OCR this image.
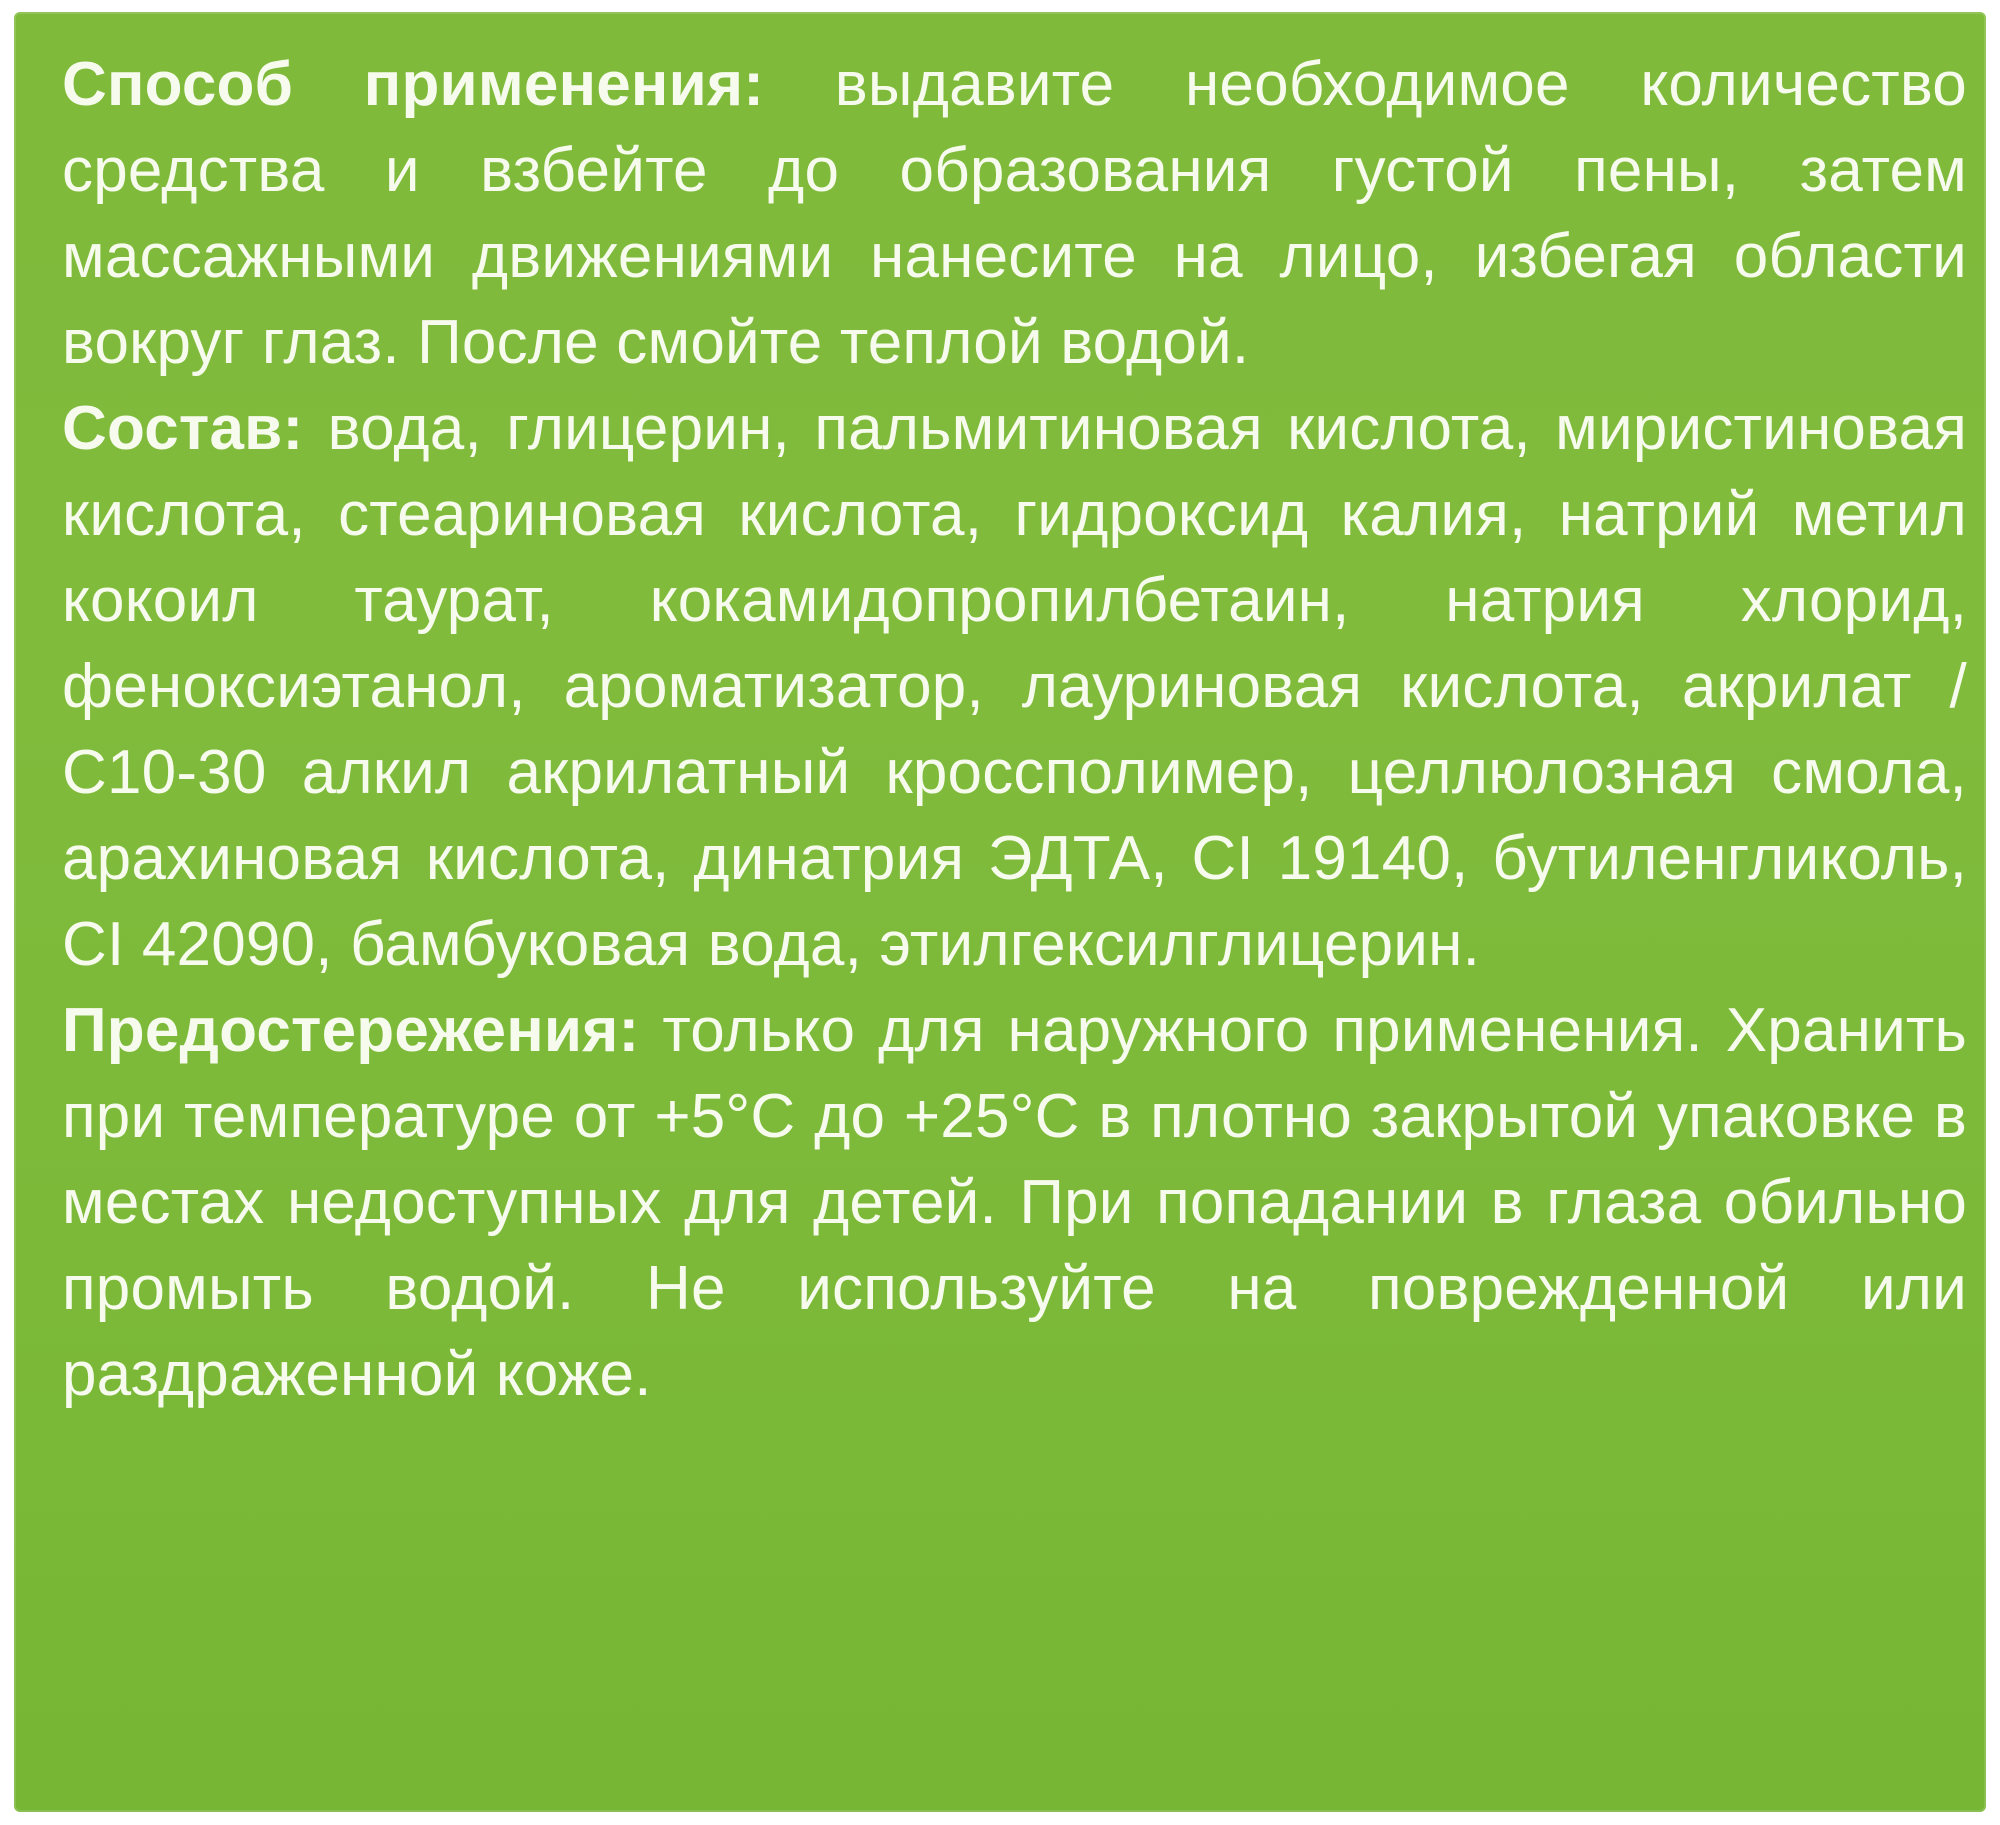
Способ применения: выдавите необходимое количество средства и взбейте до образования густой пены, затем массажными движениями нанесите на лицо, избегая области вокруг глаз. После смойте теплой водой.

Состав: вода, глицерин, пальмитиновая кислота, миристиновая кислота, стеариновая кислота, гидроксид калия, натрий метил кокоил таурат, кокамидопропилбетаин, натрия хлорид, феноксиэтанол, ароматизатор, лауриновая кислота, акрилат / С10-30 алкил акрилатный кроссполимер, целлюлозная смола, арахиновая кислота, динатрия ЭДТА, CI 19140, бутиленгликоль, CI 42090, бамбуковая вода, этилгексилглицерин.

Предостережения: только для наружного применения. Хранить при температуре от +5°С до +25°С в плотно закрытой упаковке в местах недоступных для детей. При попадании в глаза обильно промыть водой. Не используйте на поврежденной или раздраженной коже.
